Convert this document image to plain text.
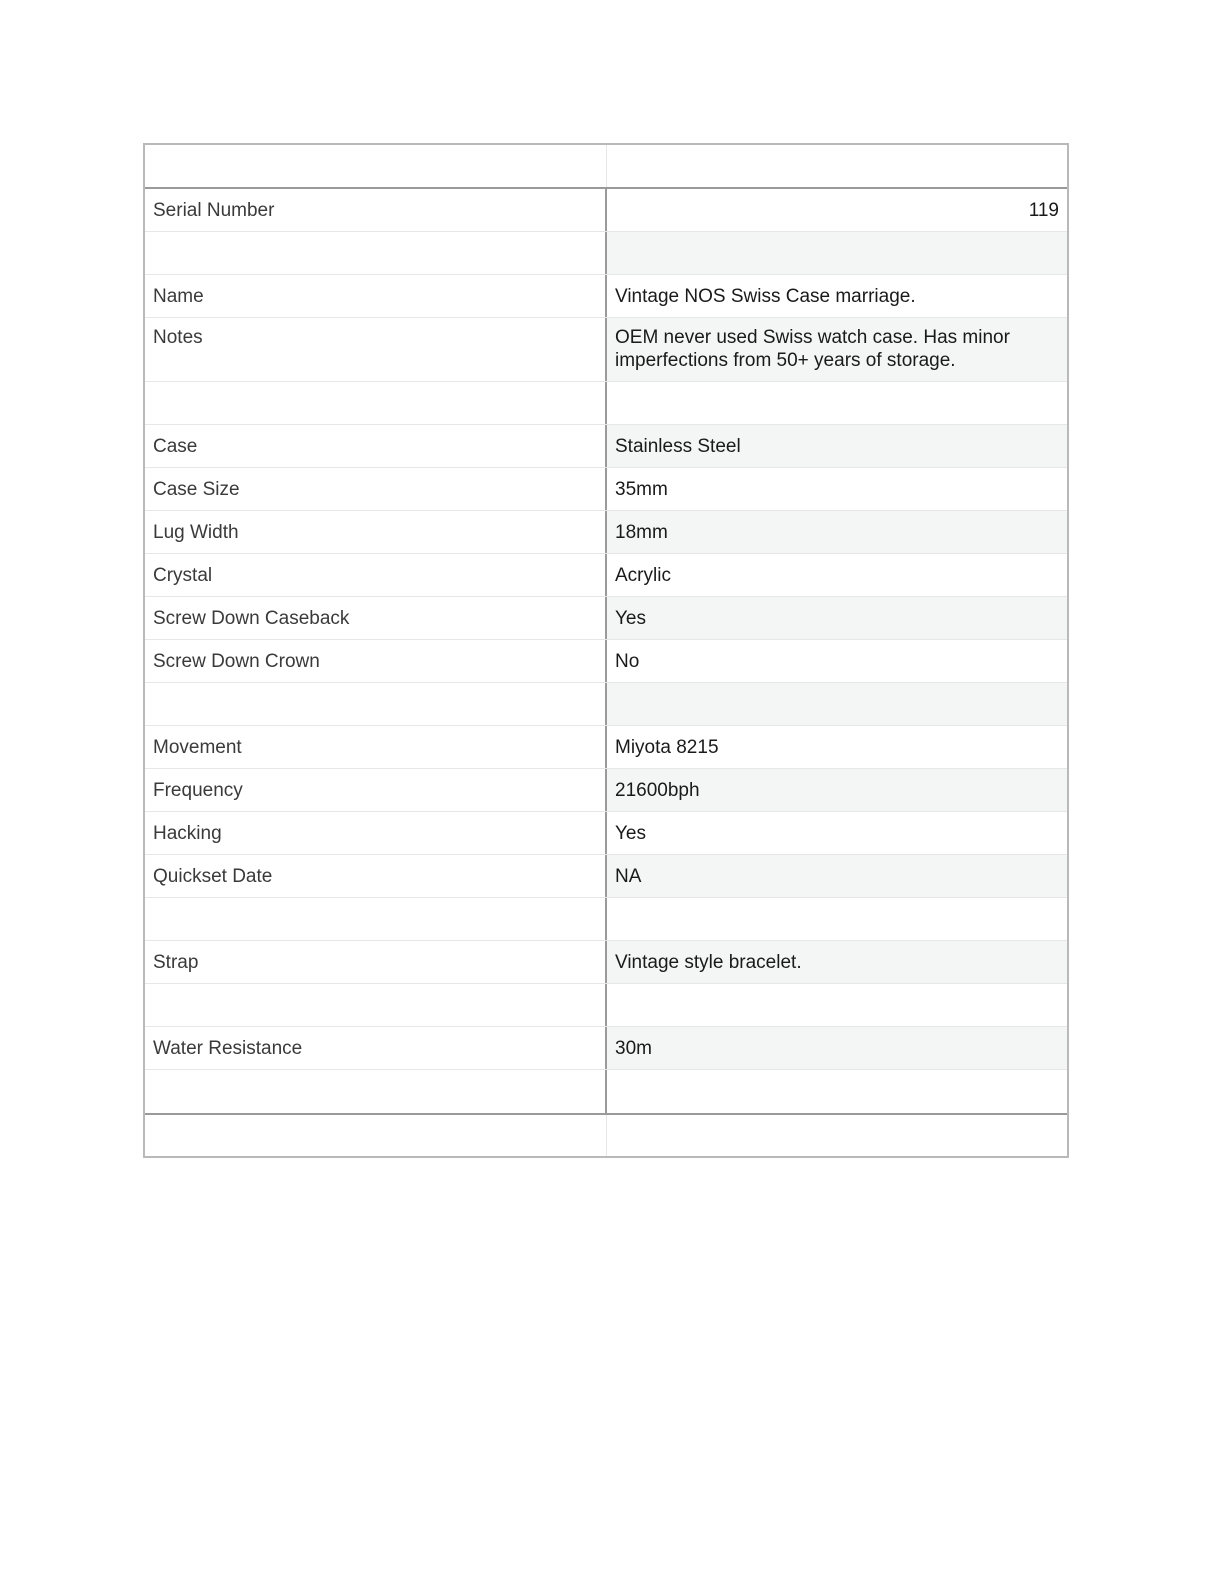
Serial Number	119
Name	Vintage NOS Swiss Case marriage.
Notes	OEM never used Swiss watch case. Has minor imperfections from 50+ years of storage.
Case	Stainless Steel
Case Size	35mm
Lug Width	18mm
Crystal	Acrylic
Screw Down Caseback	Yes
Screw Down Crown	No
Movement	Miyota 8215
Frequency	21600bph
Hacking	Yes
Quickset Date	NA
Strap	Vintage style bracelet.
Water Resistance	30m
